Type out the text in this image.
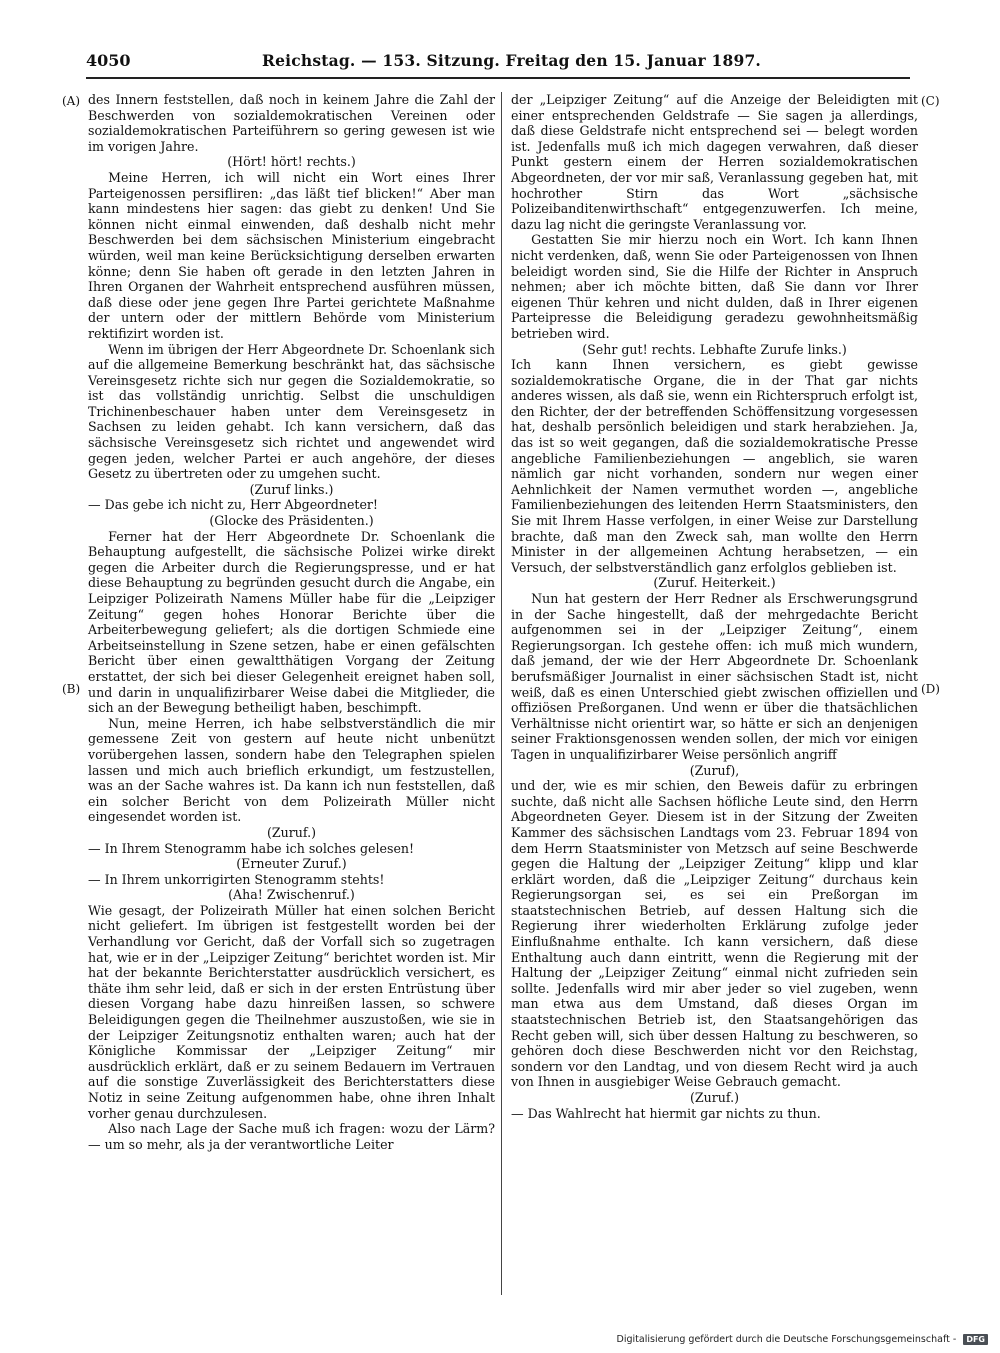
4050	Reichstag. — 153. Sitzung. Freitag den 15. Januar 1897.
(A)
(B)
(C)
(D)

des Innern feststellen, daß noch in keinem Jahre die Zahl der Beschwerden von sozialdemokratischen Vereinen oder sozialdemokratischen Parteiführern so gering gewesen ist wie im vorigen Jahre.

(Hört! hört! rechts.)

Meine Herren, ich will nicht ein Wort eines Ihrer Parteigenossen persifliren: „das läßt tief blicken!“ Aber man kann mindestens hier sagen: das giebt zu denken! Und Sie können nicht einmal einwenden, daß deshalb nicht mehr Beschwerden bei dem sächsischen Ministerium eingebracht würden, weil man keine Berücksichtigung derselben erwarten könne; denn Sie haben oft gerade in den letzten Jahren in Ihren Organen der Wahrheit entsprechend ausführen müssen, daß diese oder jene gegen Ihre Partei gerichtete Maßnahme der untern oder der mittlern Behörde vom Ministerium rektifizirt worden ist.

Wenn im übrigen der Herr Abgeordnete Dr. Schoenlank sich auf die allgemeine Bemerkung beschränkt hat, das sächsische Vereinsgesetz richte sich nur gegen die Sozialdemokratie, so ist das vollständig unrichtig. Selbst die unschuldigen Trichinenbeschauer haben unter dem Vereinsgesetz in Sachsen zu leiden gehabt. Ich kann versichern, daß das sächsische Vereinsgesetz sich richtet und angewendet wird gegen jeden, welcher Partei er auch angehöre, der dieses Gesetz zu übertreten oder zu umgehen sucht.

(Zuruf links.)

— Das gebe ich nicht zu, Herr Abgeordneter!

(Glocke des Präsidenten.)

Ferner hat der Herr Abgeordnete Dr. Schoenlank die Behauptung aufgestellt, die sächsische Polizei wirke direkt gegen die Arbeiter durch die Regierungspresse, und er hat diese Behauptung zu begründen gesucht durch die Angabe, ein Leipziger Polizeirath Namens Müller habe für die „Leipziger Zeitung“ gegen hohes Honorar Berichte über die Arbeiterbewegung geliefert; als die dortigen Schmiede eine Arbeitseinstellung in Szene setzen, habe er einen gefälschten Bericht über einen gewaltthätigen Vorgang der Zeitung erstattet, der sich bei dieser Gelegenheit ereignet haben soll, und darin in unqualifizirbarer Weise dabei die Mitglieder, die sich an der Bewegung betheiligt haben, beschimpft.

Nun, meine Herren, ich habe selbstverständlich die mir gemessene Zeit von gestern auf heute nicht unbenützt vorübergehen lassen, sondern habe den Telegraphen spielen lassen und mich auch brieflich erkundigt, um festzustellen, was an der Sache wahres ist. Da kann ich nun feststellen, daß ein solcher Bericht von dem Polizeirath Müller nicht eingesendet worden ist.

(Zuruf.)

— In Ihrem Stenogramm habe ich solches gelesen!

(Erneuter Zuruf.)

— In Ihrem unkorrigirten Stenogramm stehts!

(Aha! Zwischenruf.)

Wie gesagt, der Polizeirath Müller hat einen solchen Bericht nicht geliefert. Im übrigen ist festgestellt worden bei der Verhandlung vor Gericht, daß der Vorfall sich so zugetragen hat, wie er in der „Leipziger Zeitung“ berichtet worden ist. Mir hat der bekannte Berichterstatter ausdrücklich versichert, es thäte ihm sehr leid, daß er sich in der ersten Entrüstung über diesen Vorgang habe dazu hinreißen lassen, so schwere Beleidigungen gegen die Theilnehmer auszustoßen, wie sie in der Leipziger Zeitungsnotiz enthalten waren; auch hat der Königliche Kommissar der „Leipziger Zeitung“ mir ausdrücklich erklärt, daß er zu seinem Bedauern im Vertrauen auf die sonstige Zuverlässigkeit des Berichterstatters diese Notiz in seine Zeitung aufgenommen habe, ohne ihren Inhalt vorher genau durchzulesen.

Also nach Lage der Sache muß ich fragen: wozu der Lärm? — um so mehr, als ja der verantwortliche Leiter

der „Leipziger Zeitung“ auf die Anzeige der Beleidigten mit einer entsprechenden Geldstrafe — Sie sagen ja allerdings, daß diese Geldstrafe nicht entsprechend sei — belegt worden ist. Jedenfalls muß ich mich dagegen verwahren, daß dieser Punkt gestern einem der Herren sozialdemokratischen Abgeordneten, der vor mir saß, Veranlassung gegeben hat, mit hochrother Stirn das Wort „sächsische Polizeibanditenwirthschaft“ entgegenzuwerfen. Ich meine, dazu lag nicht die geringste Veranlassung vor.

Gestatten Sie mir hierzu noch ein Wort. Ich kann Ihnen nicht verdenken, daß, wenn Sie oder Parteigenossen von Ihnen beleidigt worden sind, Sie die Hilfe der Richter in Anspruch nehmen; aber ich möchte bitten, daß Sie dann vor Ihrer eigenen Thür kehren und nicht dulden, daß in Ihrer eigenen Parteipresse die Beleidigung geradezu gewohnheitsmäßig betrieben wird.

(Sehr gut! rechts. Lebhafte Zurufe links.)

Ich kann Ihnen versichern, es giebt gewisse sozialdemokratische Organe, die in der That gar nichts anderes wissen, als daß sie, wenn ein Richterspruch erfolgt ist, den Richter, der der betreffenden Schöffensitzung vorgesessen hat, deshalb persönlich beleidigen und stark herabziehen. Ja, das ist so weit gegangen, daß die sozialdemokratische Presse angebliche Familienbeziehungen — angeblich, sie waren nämlich gar nicht vorhanden, sondern nur wegen einer Aehnlichkeit der Namen vermuthet worden —, angebliche Familienbeziehungen des leitenden Herrn Staatsministers, den Sie mit Ihrem Hasse verfolgen, in einer Weise zur Darstellung brachte, daß man den Zweck sah, man wollte den Herrn Minister in der allgemeinen Achtung herabsetzen, — ein Versuch, der selbstverständlich ganz erfolglos geblieben ist.

(Zuruf. Heiterkeit.)

Nun hat gestern der Herr Redner als Erschwerungsgrund in der Sache hingestellt, daß der mehrgedachte Bericht aufgenommen sei in der „Leipziger Zeitung“, einem Regierungsorgan. Ich gestehe offen: ich muß mich wundern, daß jemand, der wie der Herr Abgeordnete Dr. Schoenlank berufsmäßiger Journalist in einer sächsischen Stadt ist, nicht weiß, daß es einen Unterschied giebt zwischen offiziellen und offiziösen Preßorganen. Und wenn er über die thatsächlichen Verhältnisse nicht orientirt war, so hätte er sich an denjenigen seiner Fraktionsgenossen wenden sollen, der mich vor einigen Tagen in unqualifizirbarer Weise persönlich angriff

(Zuruf),

und der, wie es mir schien, den Beweis dafür zu erbringen suchte, daß nicht alle Sachsen höfliche Leute sind, den Herrn Abgeordneten Geyer. Diesem ist in der Sitzung der Zweiten Kammer des sächsischen Landtags vom 23. Februar 1894 von dem Herrn Staatsminister von Metzsch auf seine Beschwerde gegen die Haltung der „Leipziger Zeitung“ klipp und klar erklärt worden, daß die „Leipziger Zeitung“ durchaus kein Regierungsorgan sei, es sei ein Preßorgan im staatstechnischen Betrieb, auf dessen Haltung sich die Regierung ihrer wiederholten Erklärung zufolge jeder Einflußnahme enthalte. Ich kann versichern, daß diese Enthaltung auch dann eintritt, wenn die Regierung mit der Haltung der „Leipziger Zeitung“ einmal nicht zufrieden sein sollte. Jedenfalls wird mir aber jeder so viel zugeben, wenn man etwa aus dem Umstand, daß dieses Organ im staatstechnischen Betrieb ist, den Staatsangehörigen das Recht geben will, sich über dessen Haltung zu beschweren, so gehören doch diese Beschwerden nicht vor den Reichstag, sondern vor den Landtag, und von diesem Recht wird ja auch von Ihnen in ausgiebiger Weise Gebrauch gemacht.

(Zuruf.)

— Das Wahlrecht hat hiermit gar nichts zu thun.

Digitalisierung gefördert durch die Deutsche Forschungsgemeinschaft - DFG
